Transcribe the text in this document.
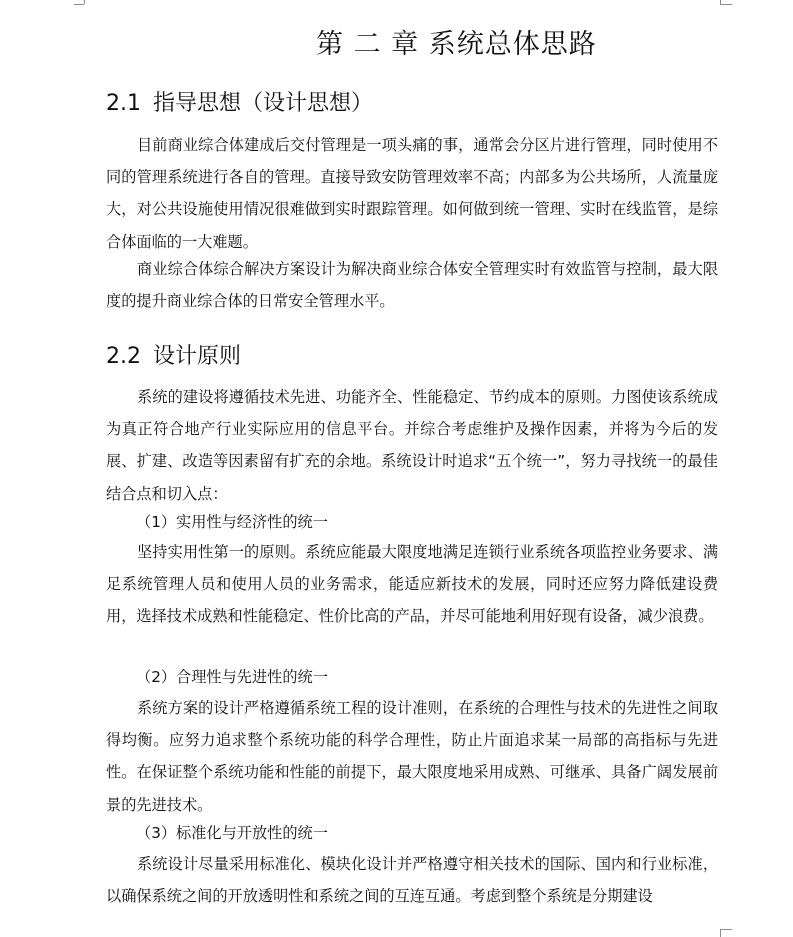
第 二 章 系统总体思路
2.1 指导思想（设计思想）

目前商业综合体建成后交付管理是一项头痛的事，通常会分区片进行管理，同时使用不同的管理系统进行各自的管理。直接导致安防管理效率不高；内部多为公共场所，人流量庞大，对公共设施使用情况很难做到实时跟踪管理。如何做到统一管理、实时在线监管，是综合体面临的一大难题。

商业综合体综合解决方案设计为解决商业综合体安全管理实时有效监管与控制，最大限度的提升商业综合体的日常安全管理水平。

2.2 设计原则

系统的建设将遵循技术先进、功能齐全、性能稳定、节约成本的原则。力图使该系统成为真正符合地产行业实际应用的信息平台。并综合考虑维护及操作因素，并将为今后的发展、扩建、改造等因素留有扩充的余地。系统设计时追求“五个统一”，努力寻找统一的最佳结合点和切入点：

（1）实用性与经济性的统一

坚持实用性第一的原则。系统应能最大限度地满足连锁行业系统各项监控业务要求、满足系统管理人员和使用人员的业务需求，能适应新技术的发展，同时还应努力降低建设费用，选择技术成熟和性能稳定、性价比高的产品，并尽可能地利用好现有设备，减少浪费。

（2）合理性与先进性的统一

系统方案的设计严格遵循系统工程的设计准则，在系统的合理性与技术的先进性之间取得均衡。应努力追求整个系统功能的科学合理性，防止片面追求某一局部的高指标与先进性。在保证整个系统功能和性能的前提下，最大限度地采用成熟、可继承、具备广阔发展前景的先进技术。

（3）标准化与开放性的统一

系统设计尽量采用标准化、模块化设计并严格遵守相关技术的国际、国内和行业标准，以确保系统之间的开放透明性和系统之间的互连互通。考虑到整个系统是分期建设
